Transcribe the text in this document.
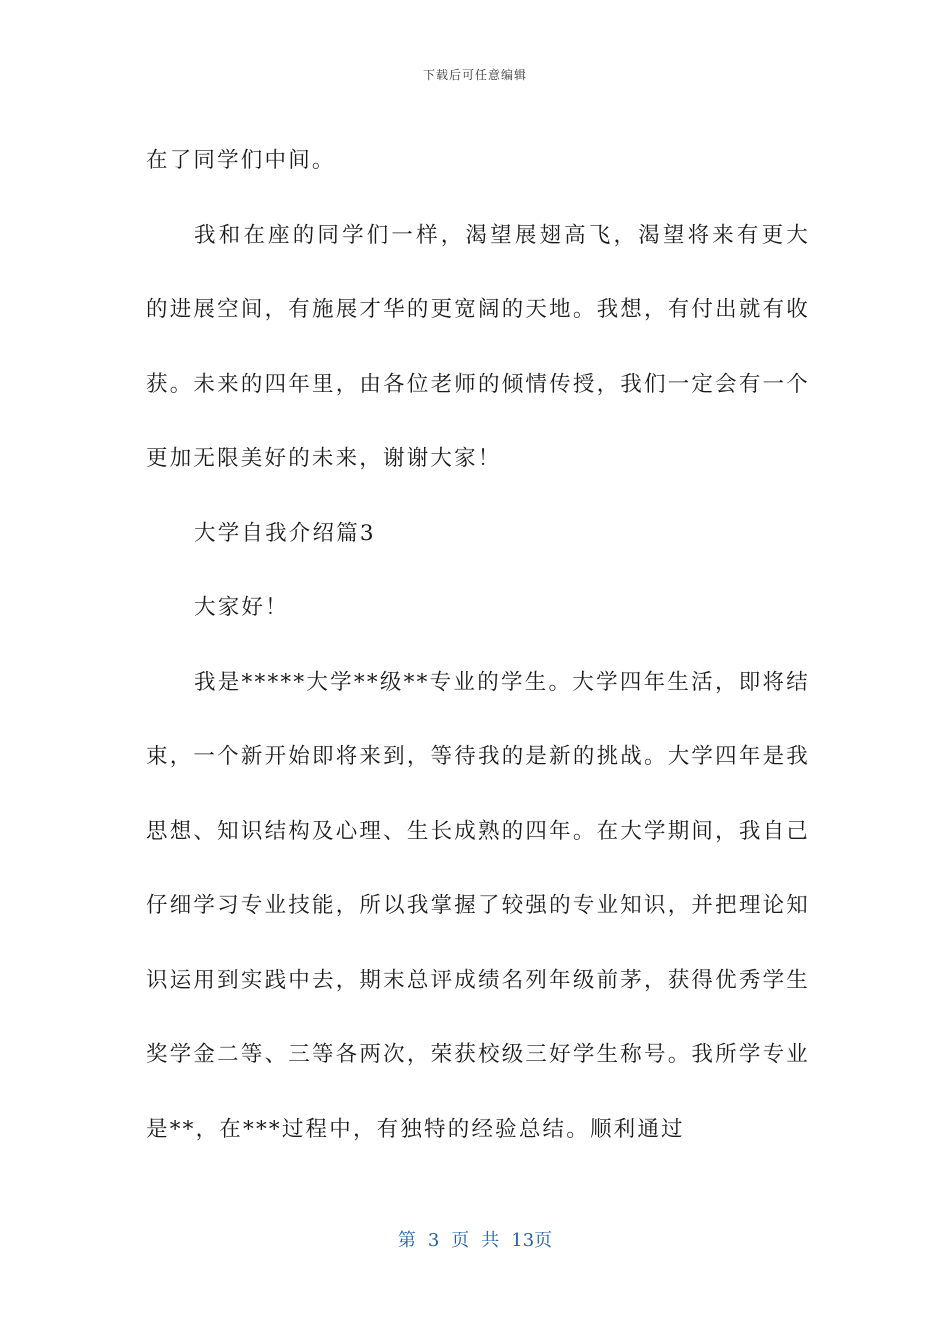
下载后可任意编辑

在了同学们中间。

我和在座的同学们一样，渴望展翅高飞，渴望将来有更大的进展空间，有施展才华的更宽阔的天地。我想，有付出就有收获。未来的四年里，由各位老师的倾情传授，我们一定会有一个更加无限美好的未来，谢谢大家！

大学自我介绍篇3

大家好！

我是*****大学**级**专业的学生。大学四年生活，即将结束，一个新开始即将来到，等待我的是新的挑战。大学四年是我思想、知识结构及心理、生长成熟的四年。在大学期间，我自己仔细学习专业技能，所以我掌握了较强的专业知识，并把理论知识运用到实践中去，期末总评成绩名列年级前茅，获得优秀学生奖学金二等、三等各两次，荣获校级三好学生称号。我所学专业是**，在***过程中，有独特的经验总结。顺利通过

第 3 页 共 13页
